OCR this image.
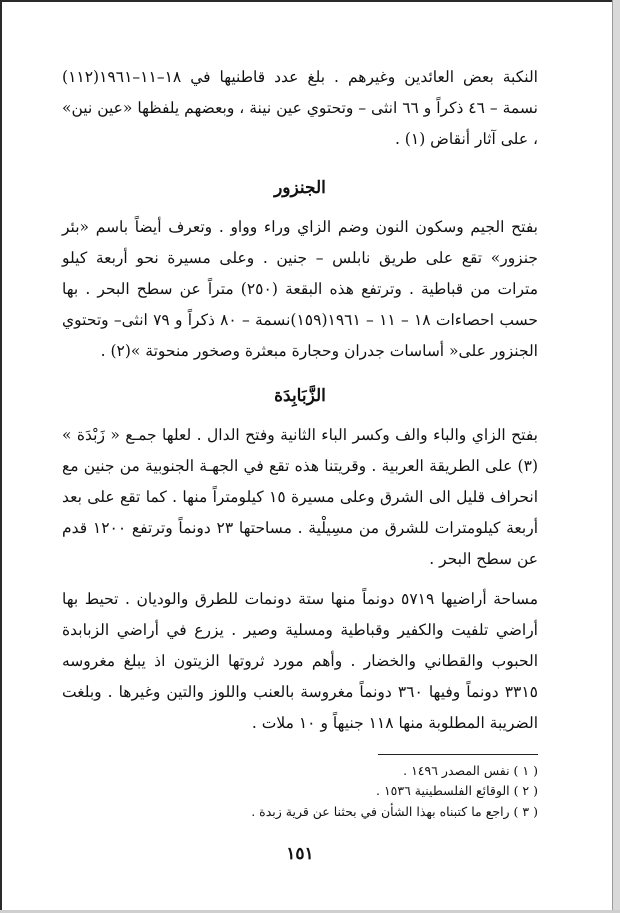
النكبة بعض العائدين وغيرهم . بلغ عدد قاطنيها في ١٨–١١–١٩٦١(١١٢) نسمة – ٤٦ ذكراً و ٦٦ انثى – وتحتوي عين نينة ، وبعضهم يلفظها «عين نين» ، على آثار أنقاض (١) .

الجنزور

بفتح الجيم وسكون النون وضم الزاي وراء وواو . وتعرف أيضاً باسم «بئر جنزور» تقع على طريق نابلس – جنين . وعلى مسيرة نحو أربعة كيلو مترات من قباطية . وترتفع هذه البقعة (٢٥٠) متراً عن سطح البحر . بها حسب احصاءات ١٨ – ١١ – ١٩٦١(١٥٩)نسمة – ٨٠ ذكراً و ٧٩ انثى– وتحتوي الجنزور على« أساسات جدران وحجارة مبعثرة وصخور منحوتة »(٢) .

الزَّبَابِدَة

بفتح الزاي والباء والف وكسر الباء الثانية وفتح الدال . لعلها جمـع « زَبْدَة » (٣) على الطريقة العربية . وقريتنا هذه تقع في الجهـة الجنوبية من جنين مع انحراف قليل الى الشرق وعلى مسيرة ١٥ كيلومتراً منها . كما تقع على بعد أربعة كيلومترات للشرق من مسِيلْية . مساحتها ٢٣ دونماً وترتفع ١٢٠٠ قدم عن سطح البحر .

مساحة أراضيها ٥٧١٩ دونماً منها ستة دونمات للطرق والوديان . تحيط بها أراضي تلفيت والكفير وقباطية ومسلية وصير . يزرع في أراضي الزبابدة الحبوب والقطاني والخضار . وأهم مورد ثروتها الزيتون اذ يبلغ مغروسه ٣٣١٥ دونماً وفيها ٣٦٠ دونماً مغروسة بالعنب واللوز والتين وغيرها . وبلغت الضريبة المطلوبة منها ١١٨ جنيهاً و ١٠ ملات .

( ١ ) نفس المصدر ١٤٩٦ .
( ٢ ) الوقائع الفلسطينية ١٥٣٦ .
( ٣ ) راجع ما كتبناه بهذا الشأن في بحثنا عن قرية زبدة .
١٥١
